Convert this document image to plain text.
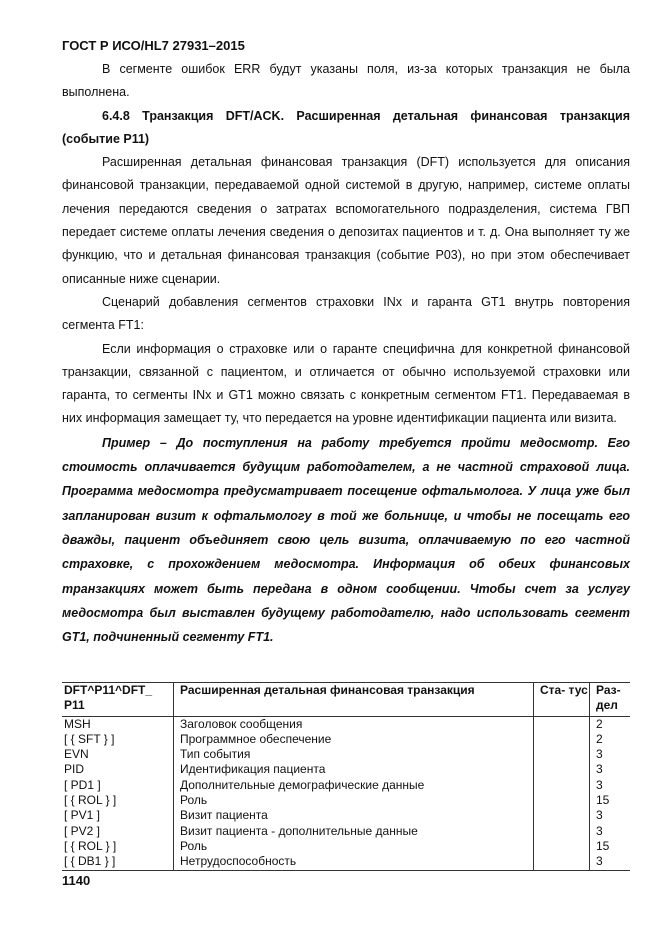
ГОСТ Р ИСО/HL7 27931–2015

В сегменте ошибок ERR будут указаны поля, из-за которых транзакция не была выполнена.

6.4.8 Транзакция DFT/ACK. Расширенная детальная финансовая транзакция (событие P11)

Расширенная детальная финансовая транзакция (DFT) используется для описания финансовой транзакции, передаваемой одной системой в другую, например, системе оплаты лечения передаются сведения о затратах вспомогательного подразделения, система ГВП передает системе оплаты лечения сведения о депозитах пациентов и т. д. Она выполняет ту же функцию, что и детальная финансовая транзакция (событие P03), но при этом обеспечивает описанные ниже сценарии.

Сценарий добавления сегментов страховки INx и гаранта GT1 внутрь повторения сегмента FT1:

Если информация о страховке или о гаранте специфична для конкретной финансовой транзакции, связанной с пациентом, и отличается от обычно используемой страховки или гаранта, то сегменты INx и GT1 можно связать с конкретным сегментом FT1. Передаваемая в них информация замещает ту, что передается на уровне идентификации пациента или визита.

Пример – До поступления на работу требуется пройти медосмотр. Его стоимость оплачивается будущим работодателем, а не частной страховой лица. Программа медосмотра предусматривает посещение офтальмолога. У лица уже был запланирован визит к офтальмологу в той же больнице, и чтобы не посещать его дважды, пациент объединяет свою цель визита, оплачиваемую по его частной страховке, с прохождением медосмотра. Информация об обеих финансовых транзакциях может быть передана в одном сообщении. Чтобы счет за услугу медосмотра был выставлен будущему работодателю, надо использовать сегмент GT1, подчиненный сегменту FT1.

DFT^P11^DFT_ P11	Расширенная детальная финансовая транзакция	Ста- тус	Раз- дел
MSH	Заголовок сообщения		2
[ { SFT } ]	Программное обеспечение		2
EVN	Тип события		3
PID	Идентификация пациента		3
[ PD1 ]	Дополнительные демографические данные		3
[ { ROL } ]	Роль		15
[ PV1 ]	Визит пациента		3
[ PV2 ]	Визит пациента - дополнительные данные		3
[ { ROL } ]	Роль		15
[ { DB1 } ]	Нетрудоспособность		3
1140
